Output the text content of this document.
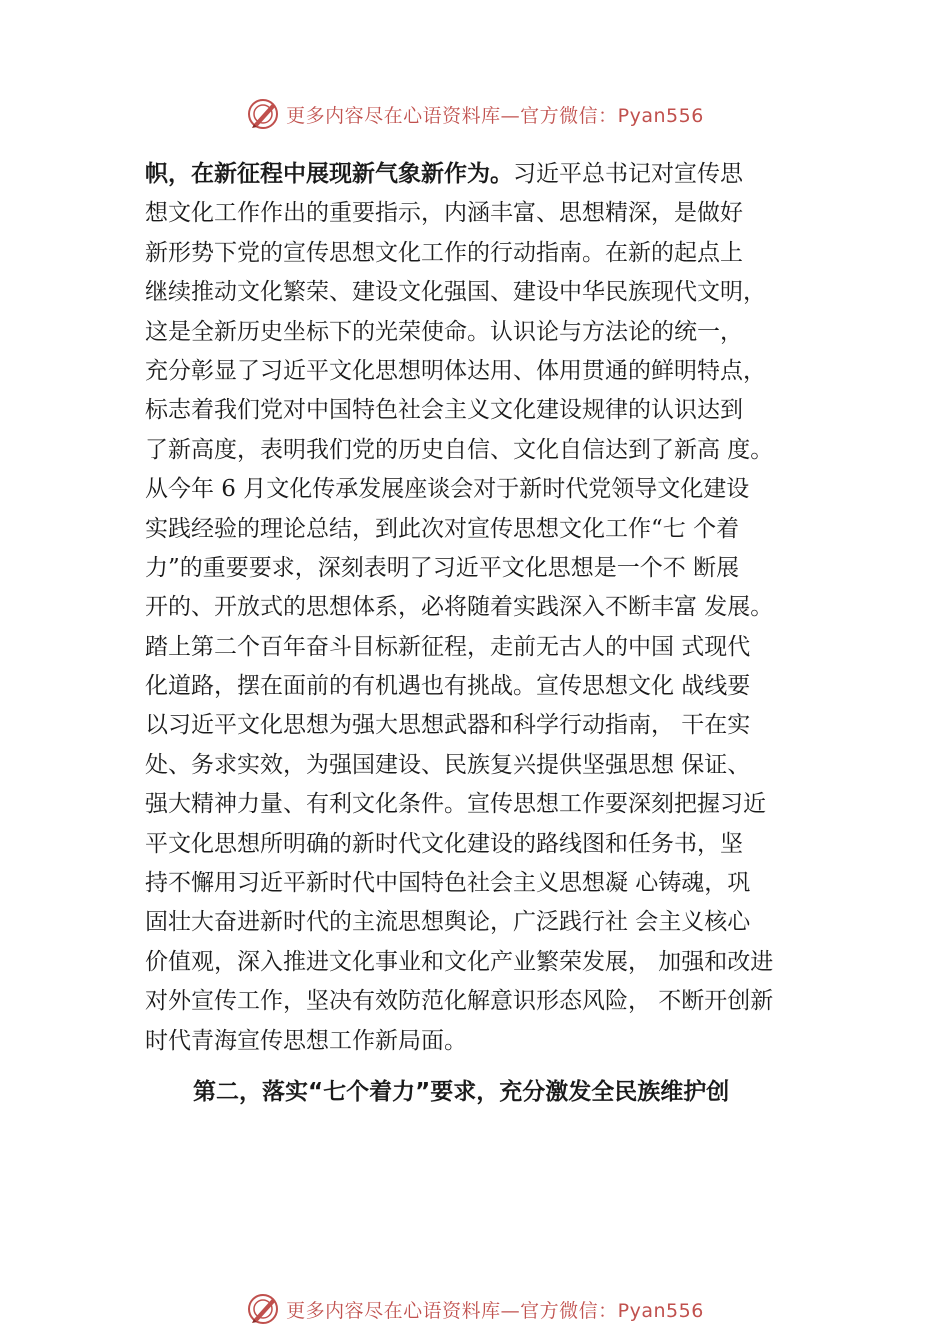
更多内容尽在心语资料库—官方微信：Pyan556
帜，在新征程中展现新气象新作为。习近平总书记对宣传思
想文化工作作出的重要指示，内涵丰富、思想精深，是做好
新形势下党的宣传思想文化工作的行动指南。在新的起点上
继续推动文化繁荣、建设文化强国、建设中华民族现代文明，
这是全新历史坐标下的光荣使命。认识论与方法论的统一，
充分彰显了习近平文化思想明体达用、体用贯通的鲜明特点，
标志着我们党对中国特色社会主义文化建设规律的认识达到
了新高度，表明我们党的历史自信、文化自信达到了新高 度。
从今年 6 月文化传承发展座谈会对于新时代党领导文化建设
实践经验的理论总结，到此次对宣传思想文化工作“七 个着
力”的重要要求，深刻表明了习近平文化思想是一个不 断展
开的、开放式的思想体系，必将随着实践深入不断丰富 发展。
踏上第二个百年奋斗目标新征程，走前无古人的中国 式现代
化道路，摆在面前的有机遇也有挑战。宣传思想文化 战线要
以习近平文化思想为强大思想武器和科学行动指南， 干在实
处、务求实效，为强国建设、民族复兴提供坚强思想 保证、
强大精神力量、有利文化条件。宣传思想工作要深刻把握习近
平文化思想所明确的新时代文化建设的路线图和任务书，坚
持不懈用习近平新时代中国特色社会主义思想凝 心铸魂，巩
固壮大奋进新时代的主流思想舆论，广泛践行社 会主义核心
价值观，深入推进文化事业和文化产业繁荣发展， 加强和改进
对外宣传工作，坚决有效防范化解意识形态风险， 不断开创新
时代青海宣传思想工作新局面。
第二，落实“七个着力”要求，充分激发全民族维护创
更多内容尽在心语资料库—官方微信：Pyan556
